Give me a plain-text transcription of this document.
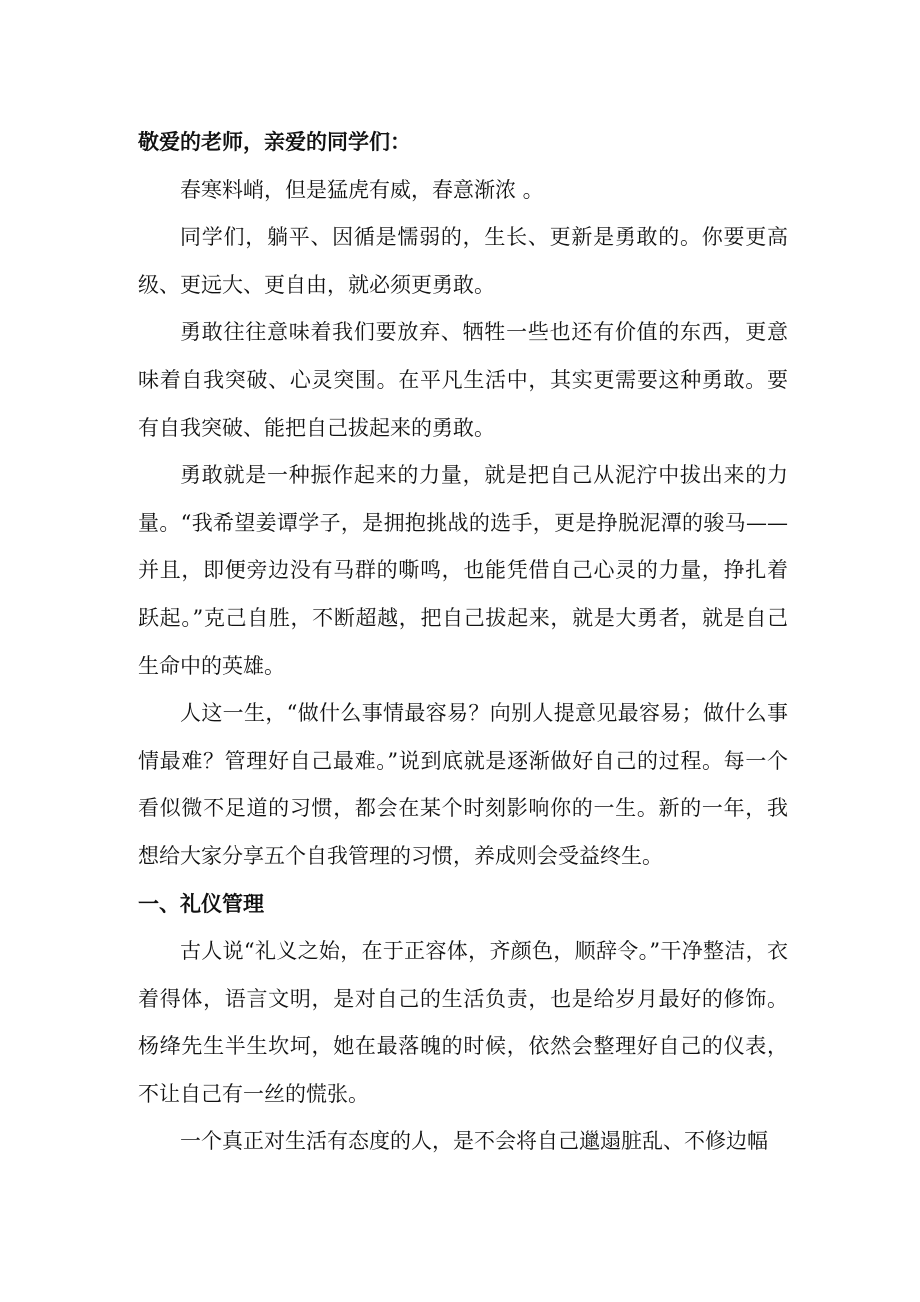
敬爱的老师，亲爱的同学们：

春寒料峭，但是猛虎有威，春意渐浓 。

同学们，躺平、因循是懦弱的，生长、更新是勇敢的。你要更高级、更远大、更自由，就必须更勇敢。

勇敢往往意味着我们要放弃、牺牲一些也还有价值的东西，更意味着自我突破、心灵突围。在平凡生活中，其实更需要这种勇敢。要有自我突破、能把自己拔起来的勇敢。

勇敢就是一种振作起来的力量，就是把自己从泥泞中拔出来的力量。“我希望姜谭学子，是拥抱挑战的选手，更是挣脱泥潭的骏马——并且，即便旁边没有马群的嘶鸣，也能凭借自己心灵的力量，挣扎着跃起。”克己自胜，不断超越，把自己拔起来，就是大勇者，就是自己生命中的英雄。

人这一生，“做什么事情最容易？向别人提意见最容易；做什么事情最难？管理好自己最难。”说到底就是逐渐做好自己的过程。每一个看似微不足道的习惯，都会在某个时刻影响你的一生。新的一年，我想给大家分享五个自我管理的习惯，养成则会受益终生。

一、礼仪管理

古人说“礼义之始，在于正容体，齐颜色，顺辞令。”干净整洁，衣着得体，语言文明，是对自己的生活负责，也是给岁月最好的修饰。杨绛先生半生坎坷，她在最落魄的时候，依然会整理好自己的仪表，不让自己有一丝的慌张。

一个真正对生活有态度的人，是不会将自己邋遢脏乱、不修边幅
